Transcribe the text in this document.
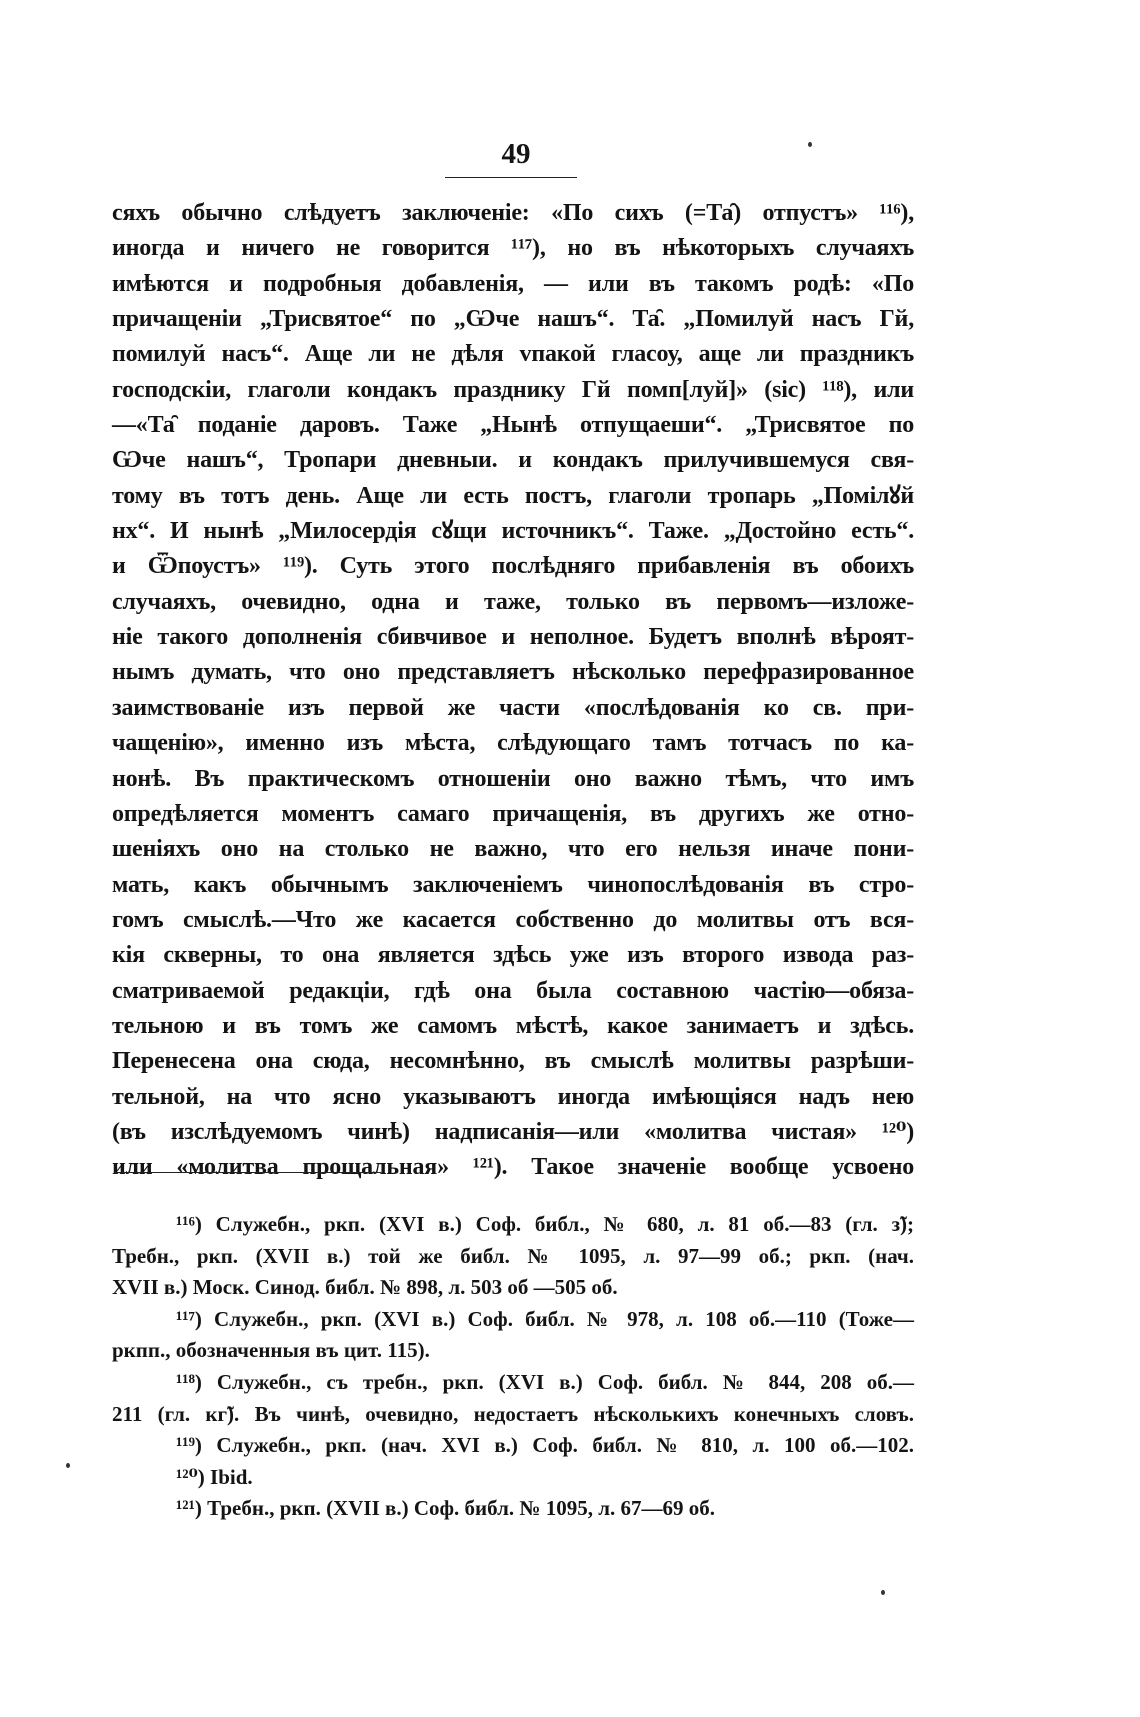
49
сяхъ обычно слѣдуетъ заключеніе: «По сихъ (=Та̑) отпустъ» ¹¹⁶),
иногда и ничего не говорится ¹¹⁷), но въ нѣкоторыхъ случаяхъ
имѣются и подробныя добавленія, — или въ такомъ родѣ: «По
причащеніи „Трисвятое“ по „Ѡче нашъ“. Та̑. „Помилуй насъ Гй,
помилуй насъ“. Аще ли не дѣля vпакой гласоу, аще ли праздникъ
господскіи, глаголи кондакъ празднику Гй помп[луй]» (sic) ¹¹⁸), или
—«Та̑ поданіе даровъ. Таже „Нынѣ отпущаеши“. „Трисвятое по
Ѡче нашъ“, Тропари дневныи. и кондакъ прилучившемуся свя-
тому въ тотъ день. Аще ли есть постъ, глаголи тропарь „Помілꙋй
нх“. И нынѣ „Милосердія сꙋщи источникъ“. Таже. „Достойно есть“.
и Ѿпоустъ» ¹¹⁹). Суть этого послѣдняго прибавленія въ обоихъ
случаяхъ, очевидно, одна и таже, только въ первомъ—изложе-
ніе такого дополненія сбивчивое и неполное. Будетъ вполнѣ вѣроят-
нымъ думать, что оно представляетъ нѣсколько перефразированное
заимствованіе изъ первой же части «послѣдованія ко св. при-
чащенію», именно изъ мѣста, слѣдующаго тамъ тотчасъ по ка-
нонѣ. Въ практическомъ отношеніи оно важно тѣмъ, что имъ
опредѣляется моментъ самаго причащенія, въ другихъ же отно-
шеніяхъ оно на столько не важно, что его нельзя иначе пони-
мать, какъ обычнымъ заключеніемъ чинопослѣдованія въ стро-
гомъ смыслѣ.—Что же касается собственно до молитвы отъ вся-
кія скверны, то она является здѣсь уже изъ второго извода раз-
сматриваемой редакціи, гдѣ она была составною частію—обяза-
тельною и въ томъ же самомъ мѣстѣ, какое занимаетъ и здѣсь.
Перенесена она сюда, несомнѣнно, въ смыслѣ молитвы разрѣши-
тельной, на что ясно указываютъ иногда имѣющіяся надъ нею
(въ изслѣдуемомъ чинѣ) надписанія—или «молитва чистая» ¹²⁰)
или «молитва прощальная» ¹²¹). Такое значеніе вообще усвоено
¹¹⁶) Служебн., ркп. (XVI в.) Соф. библ., № 680, л. 81 об.—83 (гл. з̃);
Требн., ркп. (XVII в.) той же библ. № 1095, л. 97—99 об.; ркп. (нач.
XVII в.) Моск. Синод. библ. № 898, л. 503 об —505 об.
¹¹⁷) Служебн., ркп. (XVI в.) Соф. библ. № 978, л. 108 об.—110 (Тоже—
ркпп., обозначенныя въ цит. 115).
¹¹⁸) Служебн., съ требн., ркп. (XVI в.) Соф. библ. № 844, 208 об.—
211 (гл. кг̃). Въ чинѣ, очевидно, недостаетъ нѣсколькихъ конечныхъ словъ.
¹¹⁹) Служебн., ркп. (нач. XVI в.) Соф. библ. № 810, л. 100 об.—102.
¹²⁰) Ibid.
¹²¹) Требн., ркп. (XVII в.) Соф. библ. № 1095, л. 67—69 об.
